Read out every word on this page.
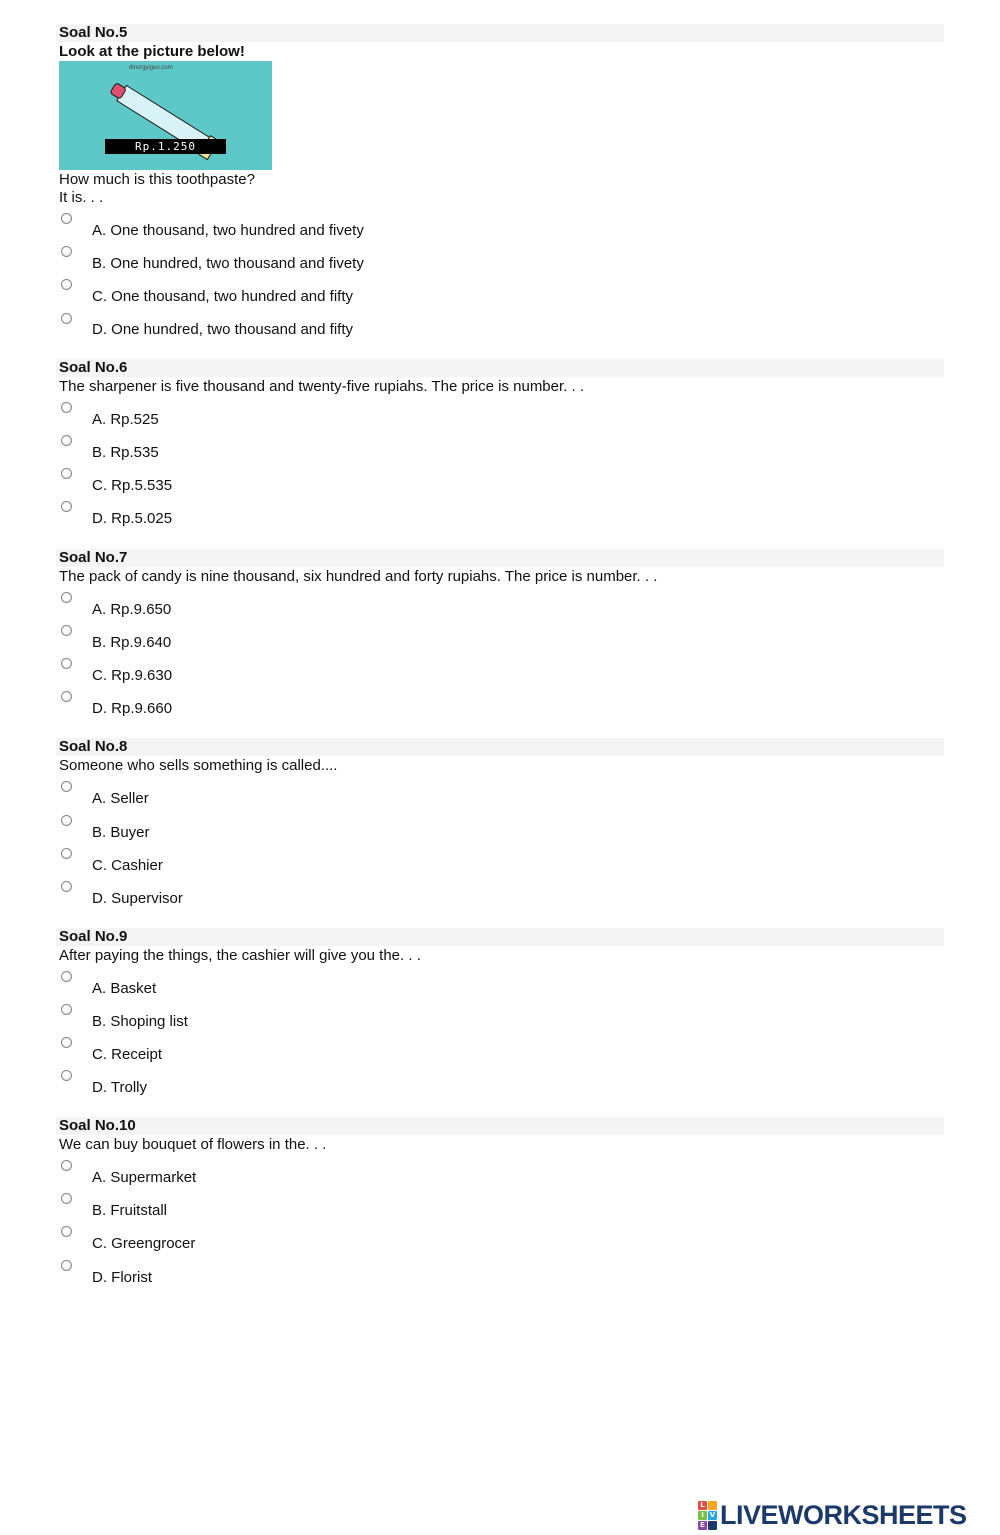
Soal No.5
Look at the picture below!
dinsrgyiguo.com
Rp.1.250
How much is this toothpaste?
It is. . .
A. One thousand, two hundred and fivety
B. One hundred, two thousand and fivety
C. One thousand, two hundred and fifty
D. One hundred, two thousand and fifty
Soal No.6
The sharpener is five thousand and twenty-five rupiahs. The price is number. . .
A. Rp.525
B. Rp.535
C. Rp.5.535
D. Rp.5.025
Soal No.7
The pack of candy is nine thousand, six hundred and forty rupiahs. The price is number. . .
A. Rp.9.650
B. Rp.9.640
C. Rp.9.630
D. Rp.9.660
Soal No.8
Someone who sells something is called....
A. Seller
B. Buyer
C. Cashier
D. Supervisor
Soal No.9
After paying the things, the cashier will give you the. . .
A. Basket
B. Shoping list
C. Receipt
D. Trolly
Soal No.10
We can buy bouquet of flowers in the. . .
A. Supermarket
B. Fruitstall
C. Greengrocer
D. Florist
L
I V
E LIVEWORKSHEETS
